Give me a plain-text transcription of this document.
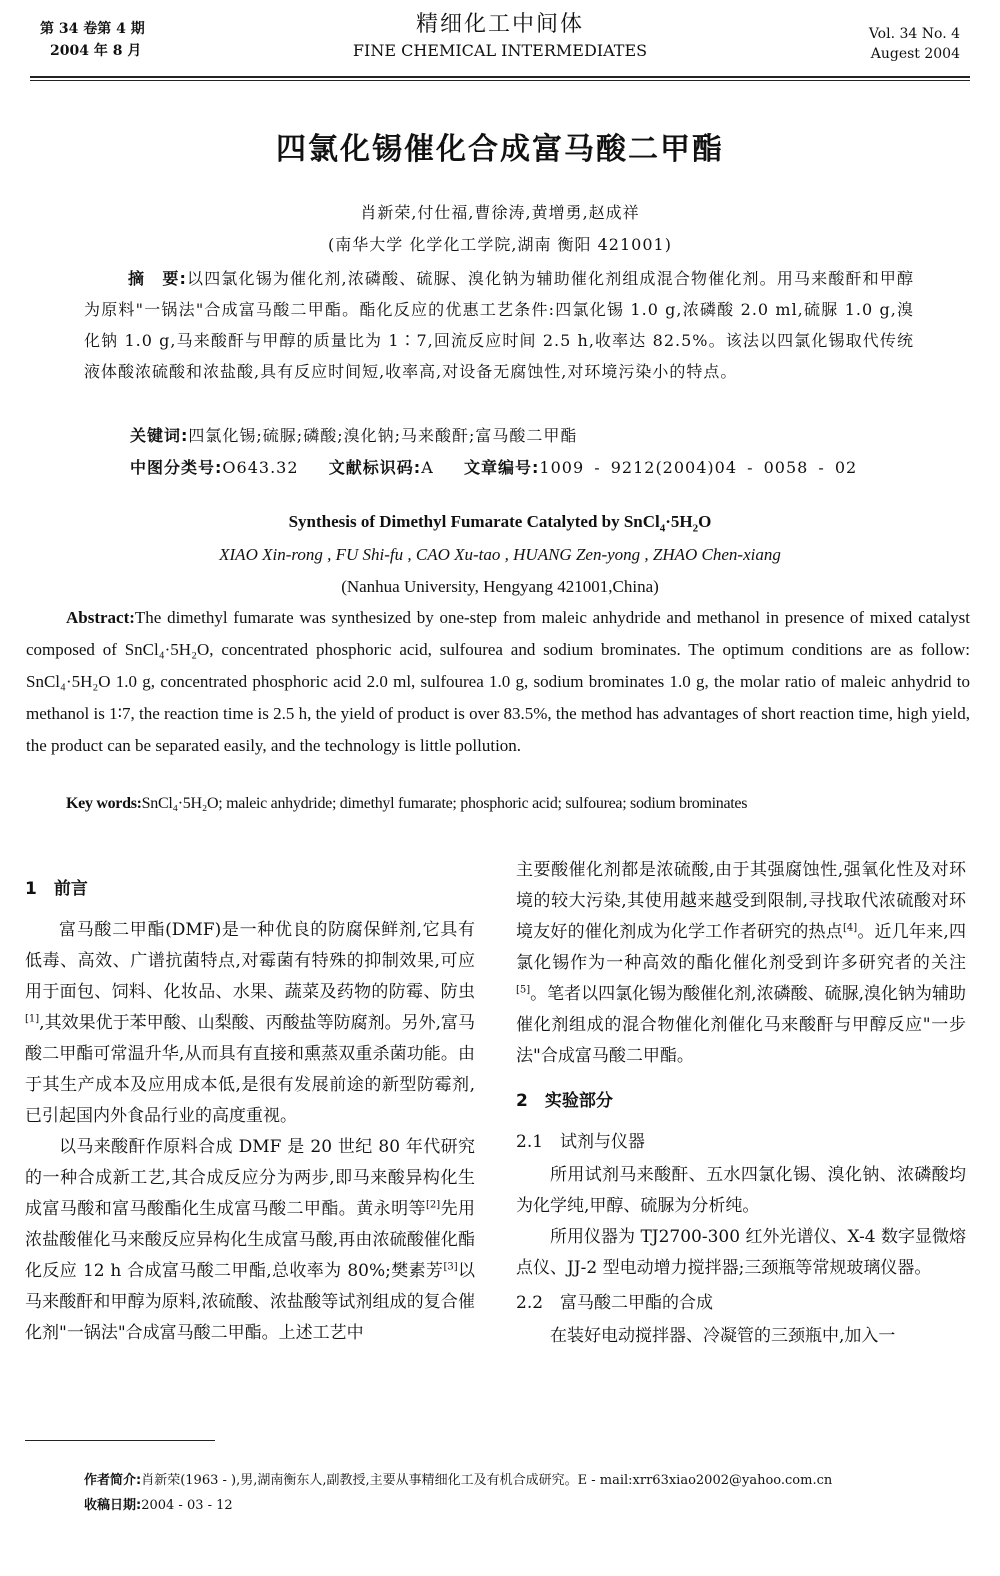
第 34 卷第 4 期
2004 年 8 月
精细化工中间体
FINE CHEMICAL INTERMEDIATES
Vol. 34 No. 4
Augest 2004
四氯化锡催化合成富马酸二甲酯
肖新荣,付仕福,曹徐涛,黄增勇,赵成祥
(南华大学 化学化工学院,湖南 衡阳 421001)
摘　要:以四氯化锡为催化剂,浓磷酸、硫脲、溴化钠为辅助催化剂组成混合物催化剂。用马来酸酐和甲醇为原料"一锅法"合成富马酸二甲酯。酯化反应的优惠工艺条件:四氯化锡 1.0 g,浓磷酸 2.0 ml,硫脲 1.0 g,溴化钠 1.0 g,马来酸酐与甲醇的质量比为 1∶7,回流反应时间 2.5 h,收率达 82.5%。该法以四氯化锡取代传统液体酸浓硫酸和浓盐酸,具有反应时间短,收率高,对设备无腐蚀性,对环境污染小的特点。
关键词:四氯化锡;硫脲;磷酸;溴化钠;马来酸酐;富马酸二甲酯
中图分类号:O643.32 文献标识码:A 文章编号:1009 - 9212(2004)04 - 0058 - 02
Synthesis of Dimethyl Fumarate Catalyted by $SnCl_4\cdot 5H_2O$
XIAO Xin-rong , FU Shi-fu , CAO Xu-tao , HUANG Zen-yong , ZHAO Chen-xiang
(Nanhua University, Hengyang 421001,China)
Abstract:The dimethyl fumarate was synthesized by one-step from maleic anhydride and methanol in presence of mixed catalyst composed of SnCl₄·5H₂O, concentrated phosphoric acid, sulfourea and sodium brominates. The optimum conditions are as follow: SnCl₄·5H₂O 1.0 g, concentrated phosphoric acid 2.0 ml, sulfourea 1.0 g, sodium brominates 1.0 g, the molar ratio of maleic anhydrid to methanol is 1∶7, the reaction time is 2.5 h, the yield of product is over 83.5%, the method has advantages of short reaction time, high yield, the product can be separated easily, and the technology is little pollution.
Key words:SnCl₄·5H₂O; maleic anhydride; dimethyl fumarate; phosphoric acid; sulfourea; sodium brominates
1　前言

富马酸二甲酯(DMF)是一种优良的防腐保鲜剂,它具有低毒、高效、广谱抗菌特点,对霉菌有特殊的抑制效果,可应用于面包、饲料、化妆品、水果、蔬菜及药物的防霉、防虫[1],其效果优于苯甲酸、山梨酸、丙酸盐等防腐剂。另外,富马酸二甲酯可常温升华,从而具有直接和熏蒸双重杀菌功能。由于其生产成本及应用成本低,是很有发展前途的新型防霉剂,已引起国内外食品行业的高度重视。

以马来酸酐作原料合成 DMF 是 20 世纪 80 年代研究的一种合成新工艺,其合成反应分为两步,即马来酸异构化生成富马酸和富马酸酯化生成富马酸二甲酯。黄永明等[2]先用浓盐酸催化马来酸反应异构化生成富马酸,再由浓硫酸催化酯化反应 12 h 合成富马酸二甲酯,总收率为 80%;樊素芳[3]以马来酸酐和甲醇为原料,浓硫酸、浓盐酸等试剂组成的复合催化剂"一锅法"合成富马酸二甲酯。上述工艺中

主要酸催化剂都是浓硫酸,由于其强腐蚀性,强氧化性及对环境的较大污染,其使用越来越受到限制,寻找取代浓硫酸对环境友好的催化剂成为化学工作者研究的热点[4]。近几年来,四氯化锡作为一种高效的酯化催化剂受到许多研究者的关注[5]。笔者以四氯化锡为酸催化剂,浓磷酸、硫脲,溴化钠为辅助催化剂组成的混合物催化剂催化马来酸酐与甲醇反应"一步法"合成富马酸二甲酯。

2　实验部分
2.1　试剂与仪器

所用试剂马来酸酐、五水四氯化锡、溴化钠、浓磷酸均为化学纯,甲醇、硫脲为分析纯。

所用仪器为 TJ2700-300 红外光谱仪、X-4 数字显微熔点仪、JJ-2 型电动增力搅拌器;三颈瓶等常规玻璃仪器。

2.2　富马酸二甲酯的合成

在装好电动搅拌器、冷凝管的三颈瓶中,加入一

作者简介:肖新荣(1963 - ),男,湖南衡东人,副教授,主要从事精细化工及有机合成研究。E - mail:xrr63xiao2002@yahoo.com.cn
收稿日期:2004 - 03 - 12
